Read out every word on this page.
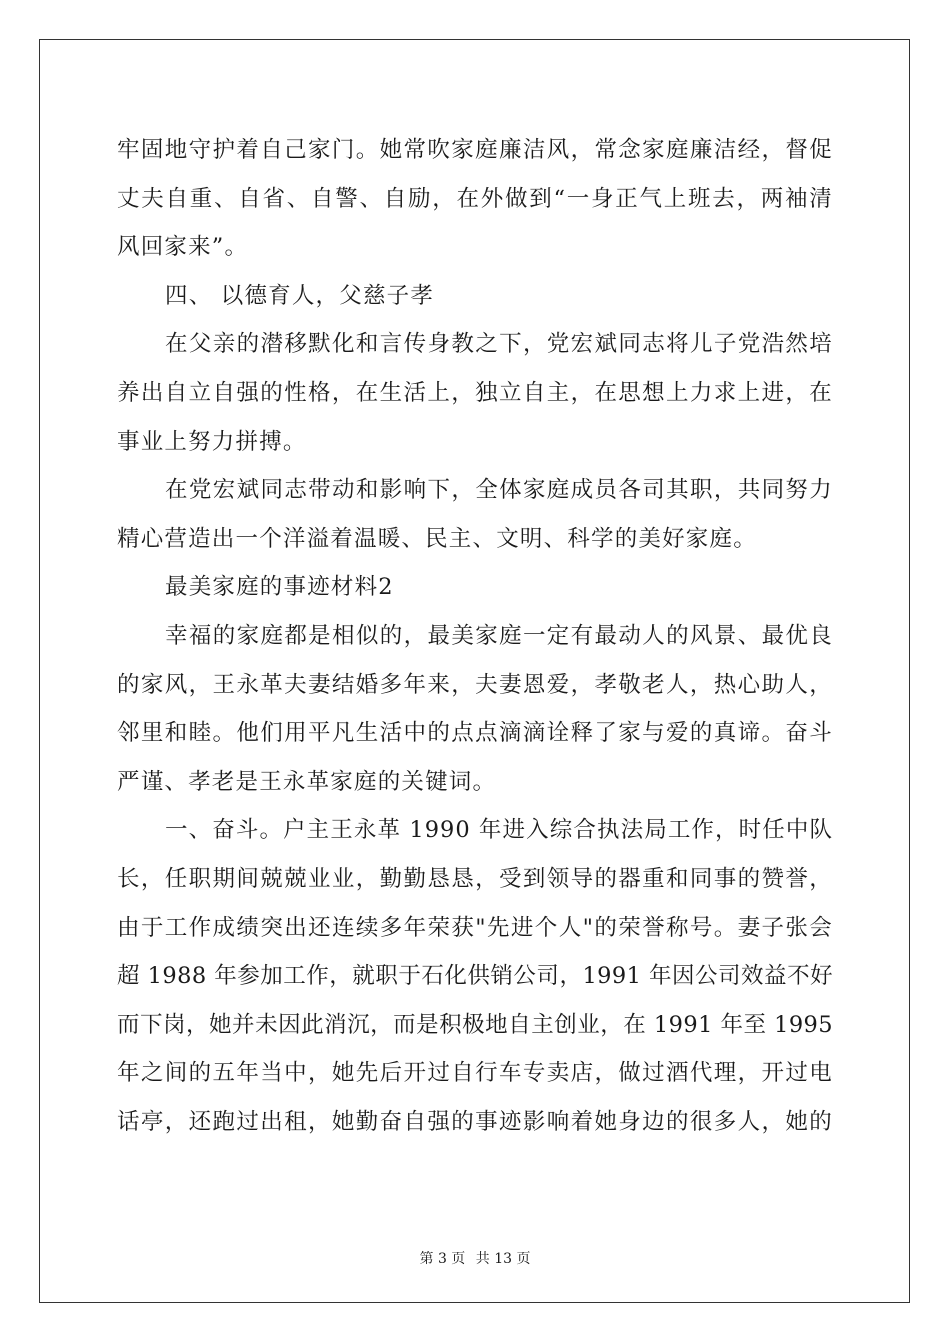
牢固地守护着自己家门。她常吹家庭廉洁风，常念家庭廉洁经，督促
丈夫自重、自省、自警、自励，在外做到“一身正气上班去，两袖清
风回家来”。
四、 以德育人，父慈子孝
在父亲的潜移默化和言传身教之下，党宏斌同志将儿子党浩然培
养出自立自强的性格，在生活上，独立自主，在思想上力求上进，在
事业上努力拼搏。
在党宏斌同志带动和影响下，全体家庭成员各司其职，共同努力
精心营造出一个洋溢着温暖、民主、文明、科学的美好家庭。
最美家庭的事迹材料2
幸福的家庭都是相似的，最美家庭一定有最动人的风景、最优良
的家风，王永革夫妻结婚多年来，夫妻恩爱，孝敬老人，热心助人，
邻里和睦。他们用平凡生活中的点点滴滴诠释了家与爱的真谛。奋斗
严谨、孝老是王永革家庭的关键词。
一、奋斗。户主王永革 1990 年进入综合执法局工作，时任中队
长，任职期间兢兢业业，勤勤恳恳，受到领导的器重和同事的赞誉，
由于工作成绩突出还连续多年荣获"先进个人"的荣誉称号。妻子张会
超 1988 年参加工作，就职于石化供销公司，1991 年因公司效益不好
而下岗，她并未因此消沉，而是积极地自主创业，在 1991 年至 1995
年之间的五年当中，她先后开过自行车专卖店，做过酒代理，开过电
话亭，还跑过出租，她勤奋自强的事迹影响着她身边的很多人，她的
第 3 页 共 13 页
